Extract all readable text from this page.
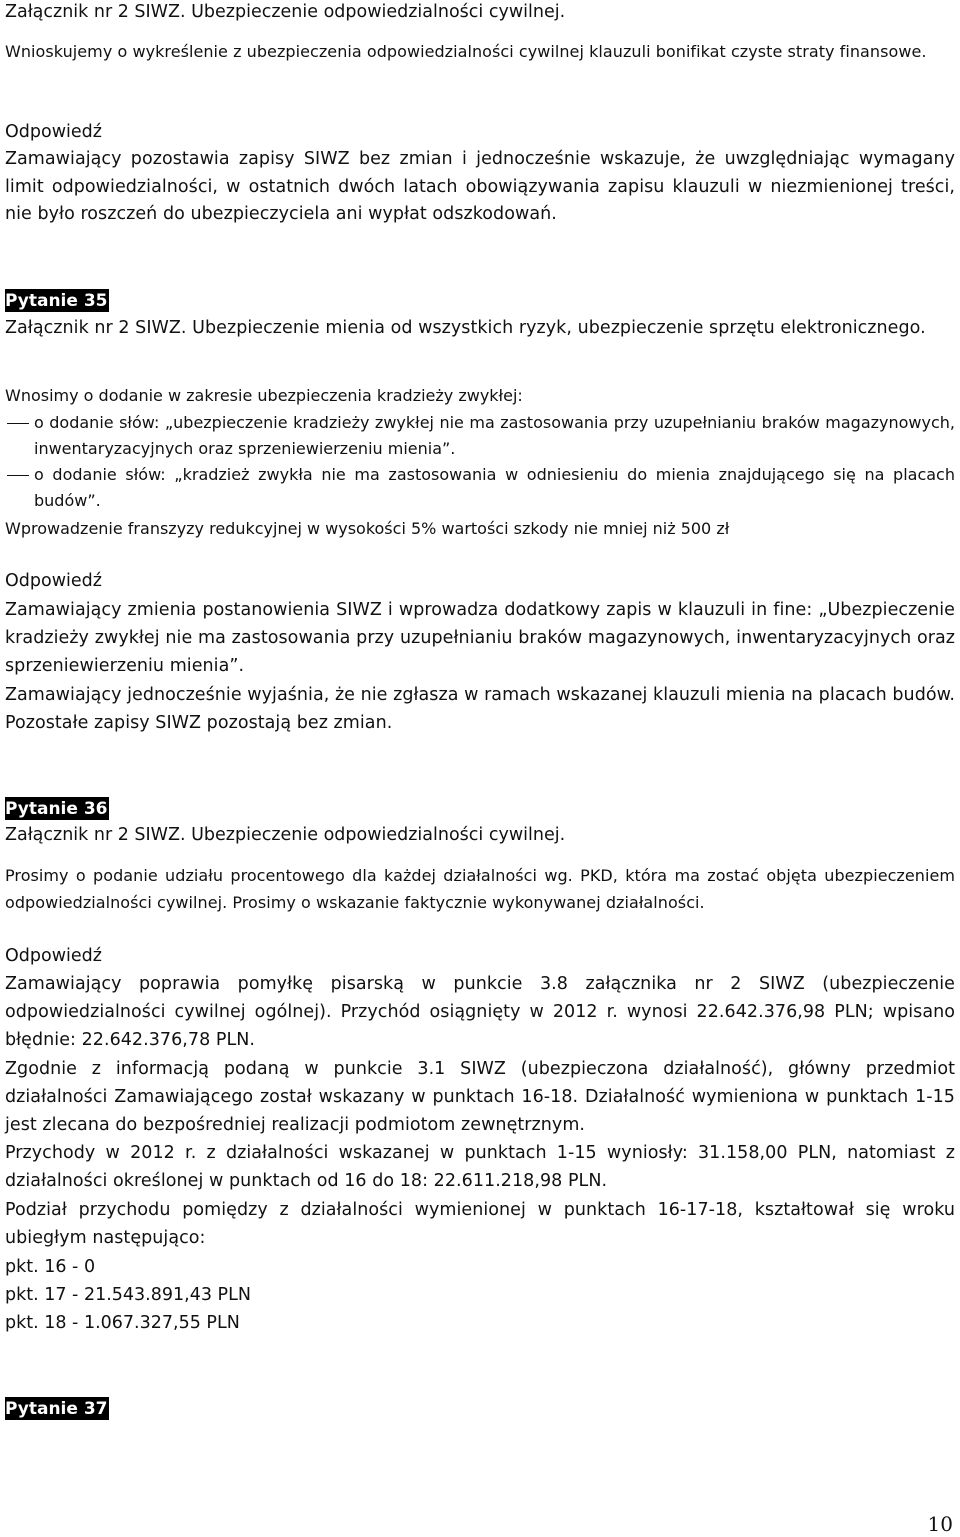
Załącznik nr 2 SIWZ. Ubezpieczenie odpowiedzialności cywilnej.

Wnioskujemy o wykreślenie z ubezpieczenia odpowiedzialności cywilnej klauzuli bonifikat czyste straty finansowe.

Odpowiedź

Zamawiający pozostawia zapisy SIWZ bez zmian i jednocześnie wskazuje, że uwzględniając wymagany limit odpowiedzialności, w ostatnich dwóch latach obowiązywania zapisu klauzuli w niezmienionej treści, nie było roszczeń do ubezpieczyciela ani wypłat odszkodowań.

Pytanie 35

Załącznik nr 2 SIWZ. Ubezpieczenie mienia od wszystkich ryzyk, ubezpieczenie sprzętu elektronicznego.

Wnosimy o dodanie w zakresie ubezpieczenia kradzieży zwykłej:

o dodanie słów: „ubezpieczenie kradzieży zwykłej nie ma zastosowania przy uzupełnianiu braków magazynowych, inwentaryzacyjnych oraz sprzeniewierzeniu mienia”.
o dodanie słów: „kradzież zwykła nie ma zastosowania w odniesieniu do mienia znajdującego się na placach budów”.

Wprowadzenie franszyzy redukcyjnej w wysokości 5% wartości szkody nie mniej niż 500 zł

Odpowiedź

Zamawiający zmienia postanowienia SIWZ i wprowadza dodatkowy zapis w klauzuli in fine: „Ubezpieczenie kradzieży zwykłej nie ma zastosowania przy uzupełnianiu braków magazynowych, inwentaryzacyjnych oraz sprzeniewierzeniu mienia”.

Zamawiający jednocześnie wyjaśnia, że nie zgłasza w ramach wskazanej klauzuli mienia na placach budów. Pozostałe zapisy SIWZ pozostają bez zmian.

Pytanie 36

Załącznik nr 2 SIWZ. Ubezpieczenie odpowiedzialności cywilnej.

Prosimy o podanie udziału procentowego dla każdej działalności wg. PKD, która ma zostać objęta ubezpieczeniem odpowiedzialności cywilnej. Prosimy o wskazanie faktycznie wykonywanej działalności.

Odpowiedź

Zamawiający poprawia pomyłkę pisarską w punkcie 3.8 załącznika nr 2 SIWZ (ubezpieczenie odpowiedzialności cywilnej ogólnej). Przychód osiągnięty w 2012 r. wynosi 22.642.376,98 PLN; wpisano błędnie: 22.642.376,78 PLN.

Zgodnie z informacją podaną w punkcie 3.1 SIWZ (ubezpieczona działalność), główny przedmiot działalności Zamawiającego został wskazany w punktach 16-18. Działalność wymieniona w punktach 1-15 jest zlecana do bezpośredniej realizacji podmiotom zewnętrznym.

Przychody w 2012 r. z działalności wskazanej w punktach 1-15 wyniosły: 31.158,00 PLN, natomiast z działalności określonej w punktach od 16 do 18: 22.611.218,98 PLN.

Podział przychodu pomiędzy z działalności wymienionej w punktach 16-17-18, kształtował się wroku ubiegłym następująco:

pkt. 16 - 0

pkt. 17 - 21.543.891,43 PLN

pkt. 18 - 1.067.327,55 PLN

Pytanie 37
10
